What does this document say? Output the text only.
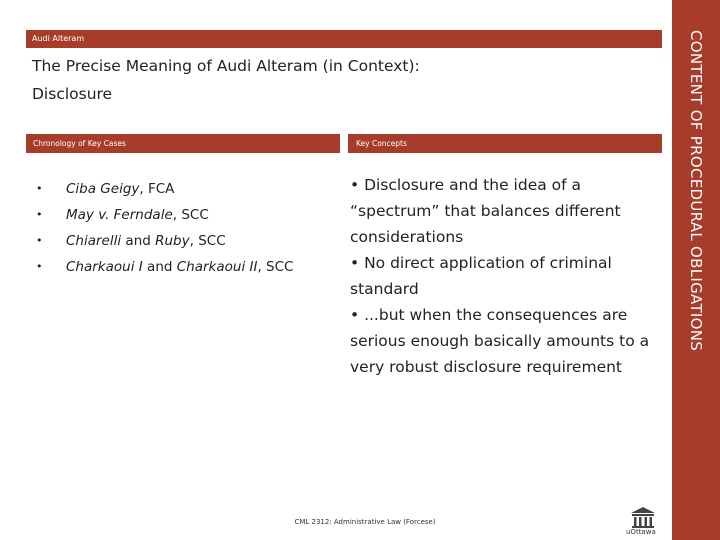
Audi Alteram
The Precise Meaning of Audi Alteram (in Context):
Disclosure
Chronology of Key Cases	Key Concepts
•	Ciba Geigy, FCA
•	May v. Ferndale, SCC
•	Chiarelli and Ruby, SCC
•	Charkaoui I and Charkaoui II, SCC

• Disclosure and the idea of a “spectrum” that balances different considerations

• No direct application of criminal standard

• ...but when the consequences are serious enough basically amounts to a very robust disclosure requirement

CONTENT OF PROCEDURAL OBLIGATIONS
CML 2312: Administrative Law (Forcese)
uOttawa
